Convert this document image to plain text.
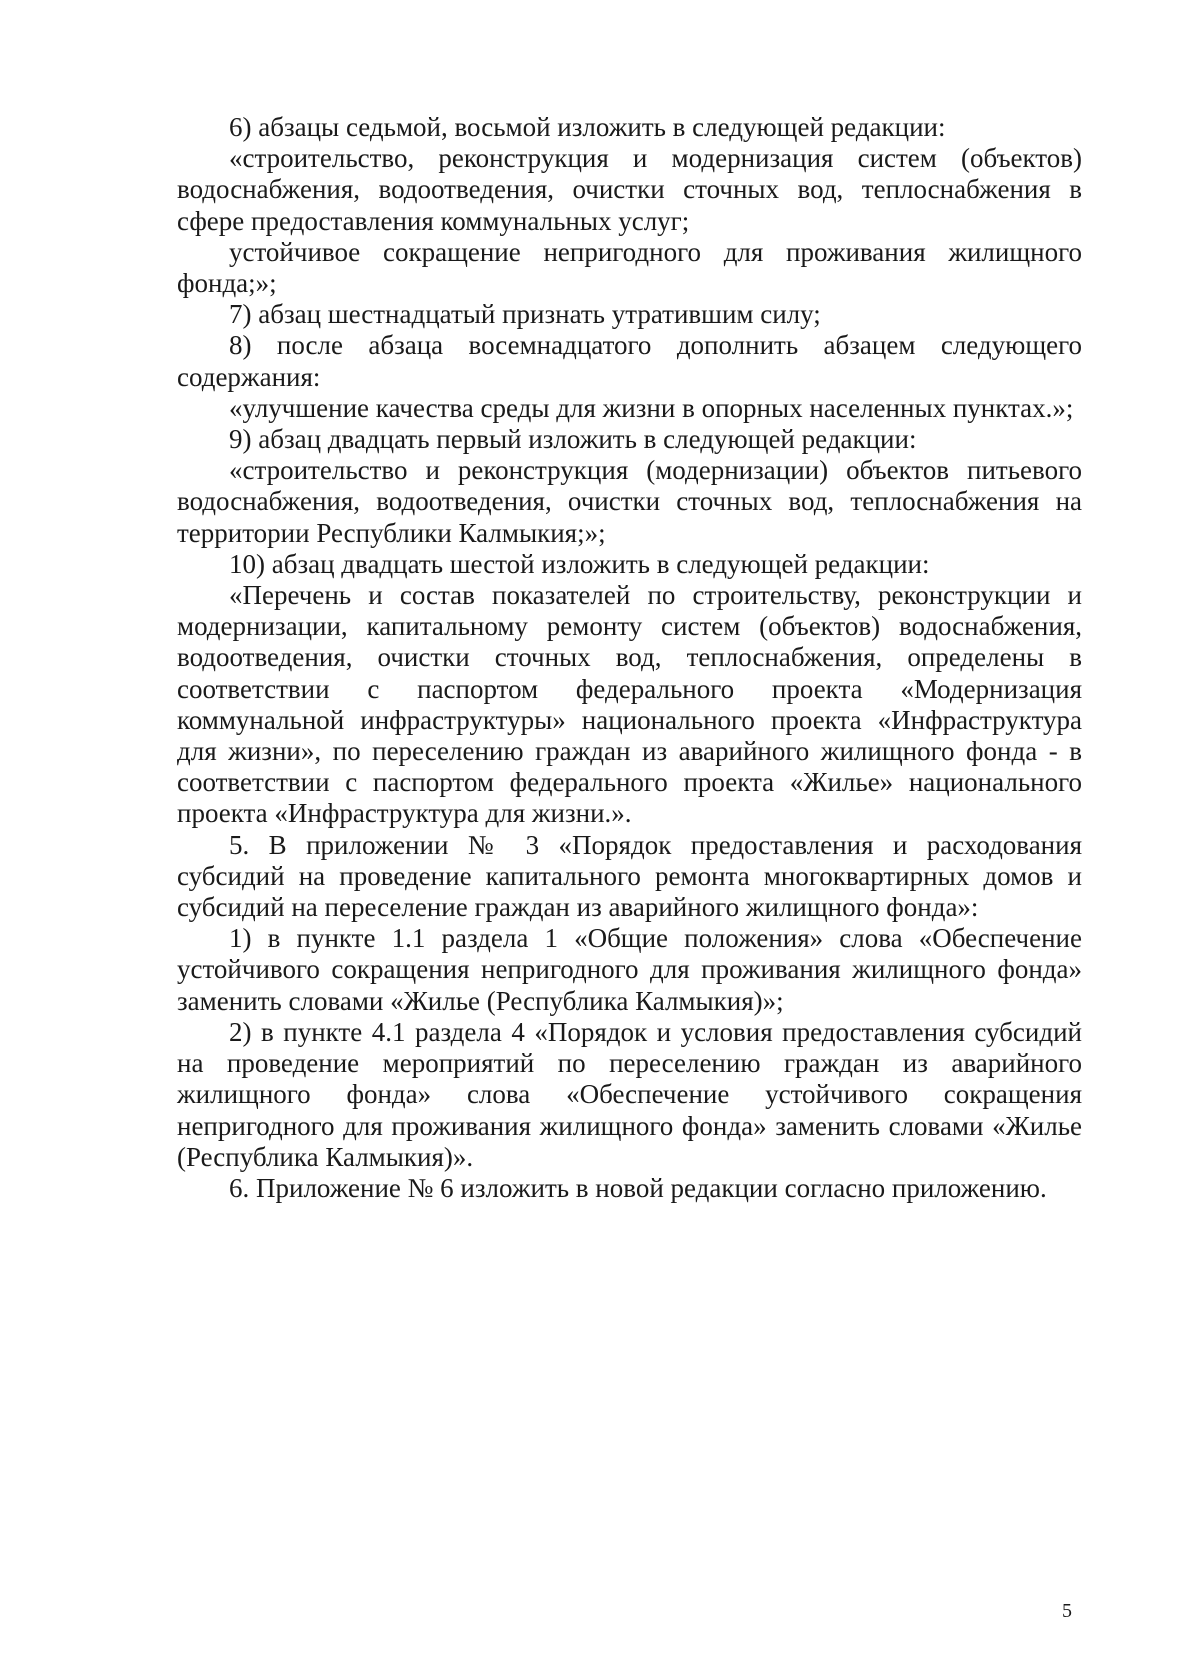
6) абзацы седьмой, восьмой изложить в следующей редакции:

«строительство, реконструкция и модернизация систем (объектов) водоснабжения, водоотведения, очистки сточных вод, теплоснабжения в сфере предоставления коммунальных услуг;

устойчивое сокращение непригодного для проживания жилищного фонда;»;

7) абзац шестнадцатый признать утратившим силу;

8) после абзаца восемнадцатого дополнить абзацем следующего содержания:

«улучшение качества среды для жизни в опорных населенных пунктах.»;

9) абзац двадцать первый изложить в следующей редакции:

«строительство и реконструкция (модернизации) объектов питьевого водоснабжения, водоотведения, очистки сточных вод, теплоснабжения на территории Республики Калмыкия;»;

10) абзац двадцать шестой изложить в следующей редакции:

«Перечень и состав показателей по строительству, реконструкции и модернизации, капитальному ремонту систем (объектов) водоснабжения, водоотведения, очистки сточных вод, теплоснабжения, определены в соответствии с паспортом федерального проекта «Модернизация коммунальной инфраструктуры» национального проекта «Инфраструктура для жизни», по переселению граждан из аварийного жилищного фонда - в соответствии с паспортом федерального проекта «Жилье» национального проекта «Инфраструктура для жизни.».

5. В приложении № 3 «Порядок предоставления и расходования субсидий на проведение капитального ремонта многоквартирных домов и субсидий на переселение граждан из аварийного жилищного фонда»:

1) в пункте 1.1 раздела 1 «Общие положения» слова «Обеспечение устойчивого сокращения непригодного для проживания жилищного фонда» заменить словами «Жилье (Республика Калмыкия)»;

2) в пункте 4.1 раздела 4 «Порядок и условия предоставления субсидий на проведение мероприятий по переселению граждан из аварийного жилищного фонда» слова «Обеспечение устойчивого сокращения непригодного для проживания жилищного фонда» заменить словами «Жилье (Республика Калмыкия)».

6. Приложение № 6 изложить в новой редакции согласно приложению.

5
